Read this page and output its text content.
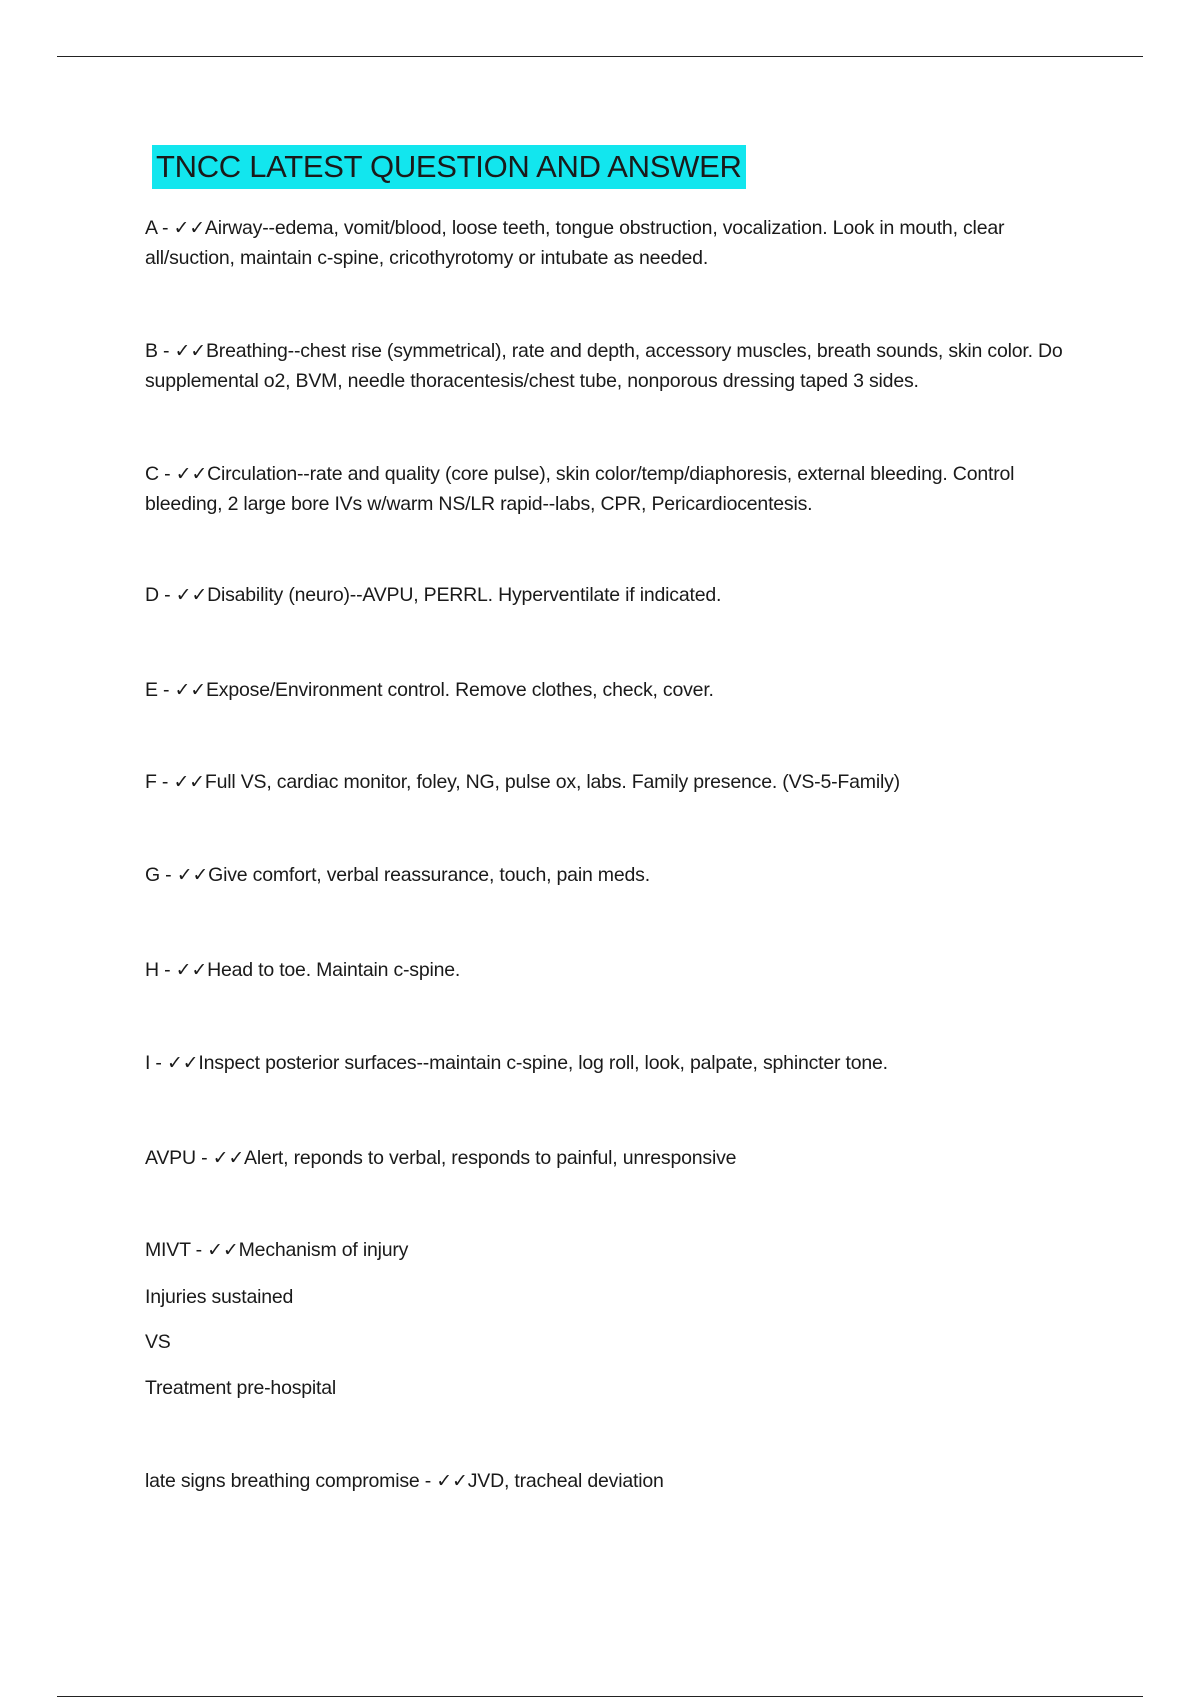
TNCC LATEST QUESTION AND ANSWER
A - ✓✓Airway--edema, vomit/blood, loose teeth, tongue obstruction, vocalization. Look in mouth, clear all/suction, maintain c-spine, cricothyrotomy or intubate as needed.
B - ✓✓Breathing--chest rise (symmetrical), rate and depth, accessory muscles, breath sounds, skin color. Do supplemental o2, BVM, needle thoracentesis/chest tube, nonporous dressing taped 3 sides.
C - ✓✓Circulation--rate and quality (core pulse), skin color/temp/diaphoresis, external bleeding. Control bleeding, 2 large bore IVs w/warm NS/LR rapid--labs, CPR, Pericardiocentesis.
D - ✓✓Disability (neuro)--AVPU, PERRL. Hyperventilate if indicated.
E - ✓✓Expose/Environment control. Remove clothes, check, cover.
F - ✓✓Full VS, cardiac monitor, foley, NG, pulse ox, labs. Family presence. (VS-5-Family)
G - ✓✓Give comfort, verbal reassurance, touch, pain meds.
H - ✓✓Head to toe. Maintain c-spine.
I - ✓✓Inspect posterior surfaces--maintain c-spine, log roll, look, palpate, sphincter tone.
AVPU - ✓✓Alert, reponds to verbal, responds to painful, unresponsive
MIVT - ✓✓Mechanism of injury
Injuries sustained
VS
Treatment pre-hospital
late signs breathing compromise - ✓✓JVD, tracheal deviation
